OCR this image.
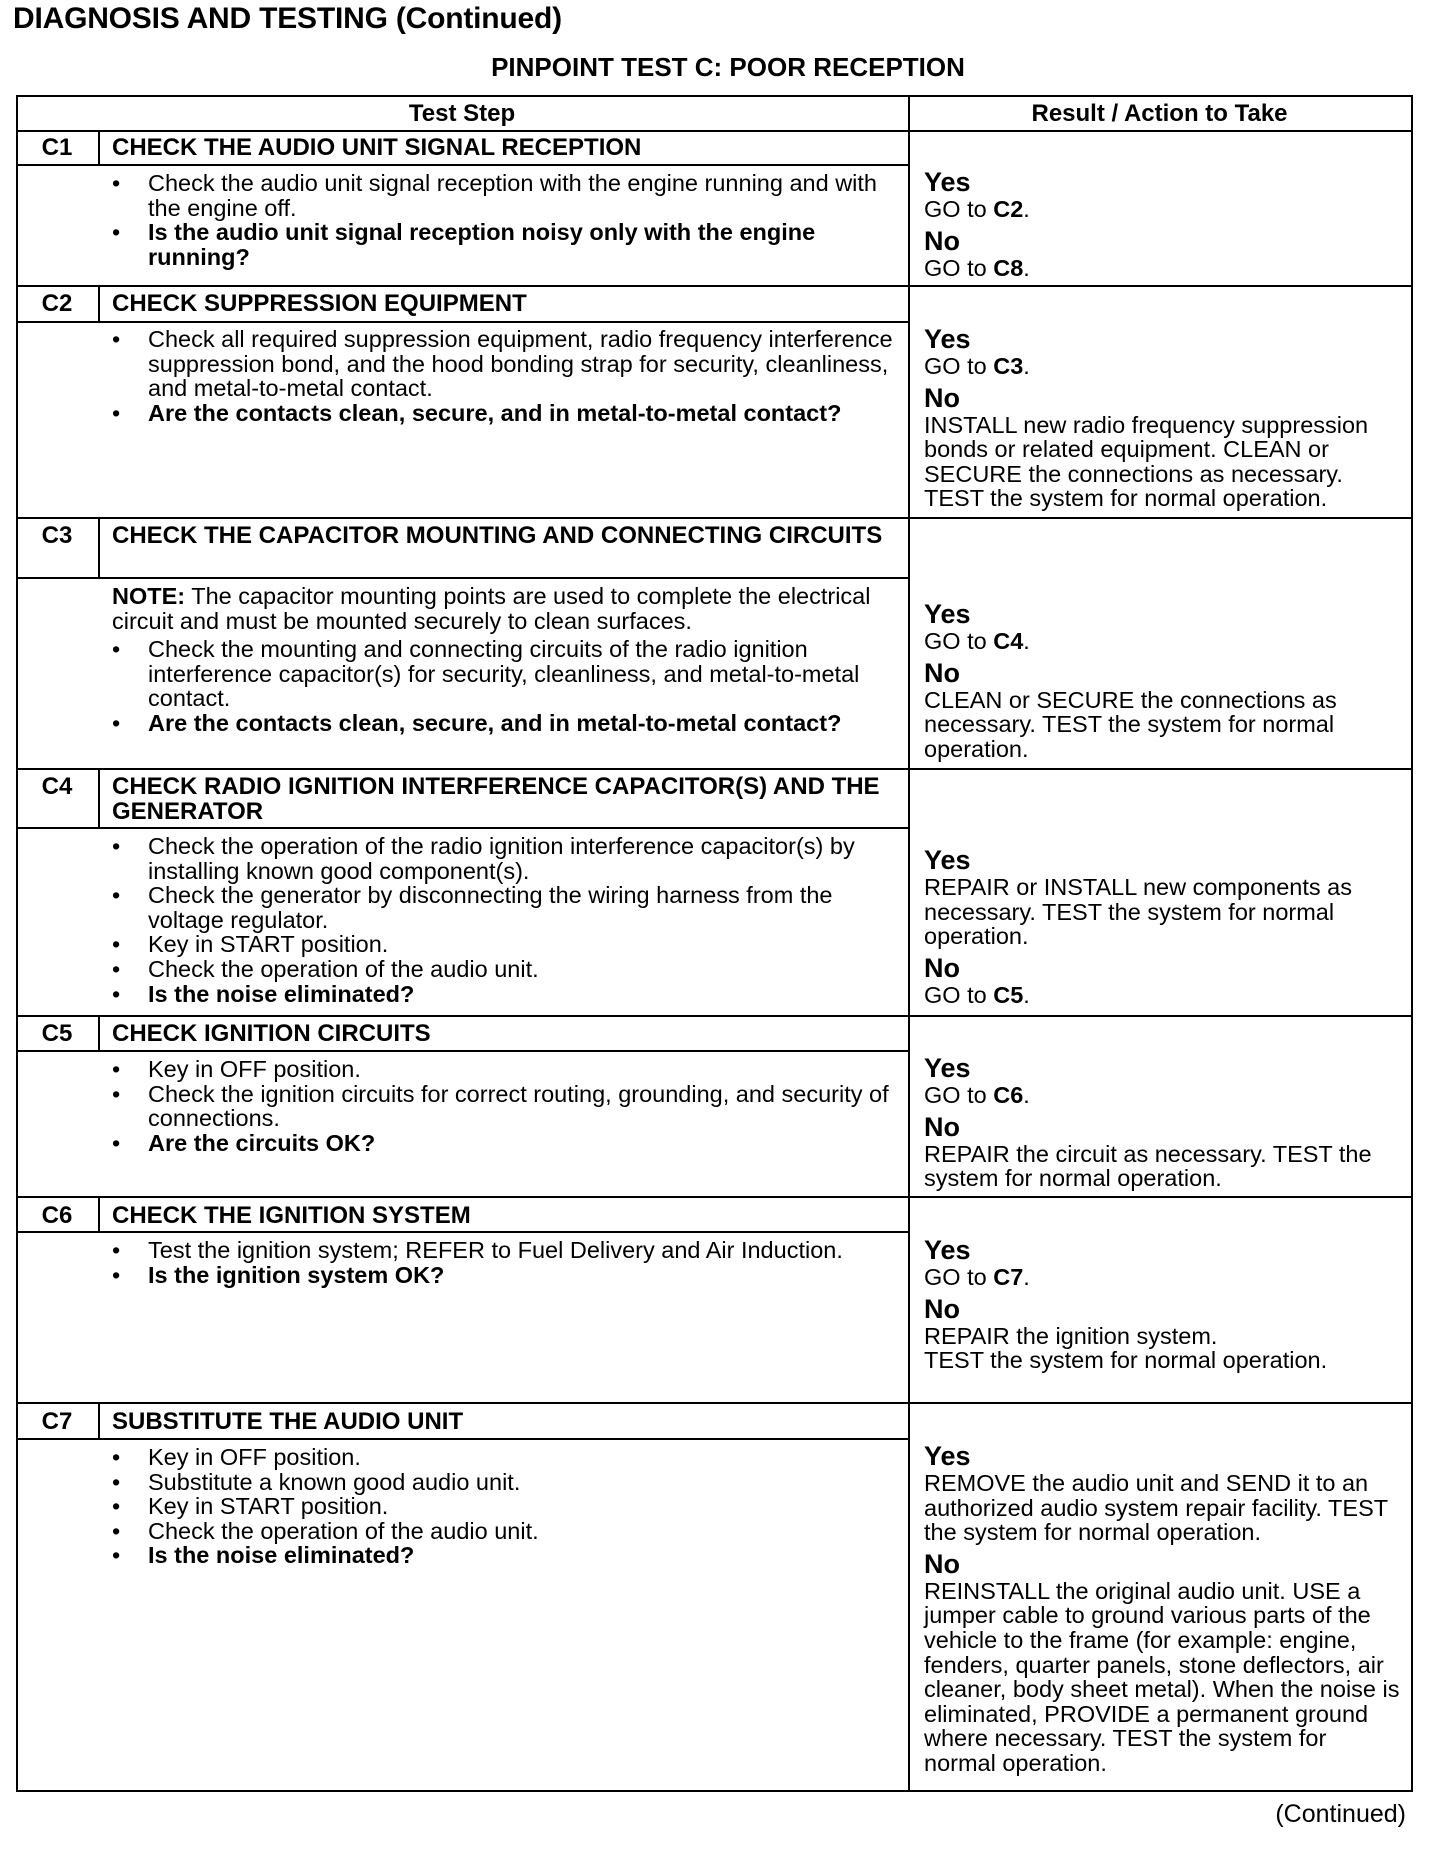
DIAGNOSIS AND TESTING (Continued)
PINPOINT TEST C: POOR RECEPTION
Test Step	Result / Action to Take
C1	CHECK THE AUDIO UNIT SIGNAL RECEPTION
• Check the audio unit signal reception with the engine running and with the engine off.
• Is the audio unit signal reception noisy only with the engine running?
Yes
GO to C2.
No
GO to C8.
C2	CHECK SUPPRESSION EQUIPMENT
• Check all required suppression equipment, radio frequency interference suppression bond, and the hood bonding strap for security, cleanliness, and metal-to-metal contact.
• Are the contacts clean, secure, and in metal-to-metal contact?
Yes
GO to C3.
No
INSTALL new radio frequency suppression bonds or related equipment. CLEAN or SECURE the connections as necessary. TEST the system for normal operation.
C3	CHECK THE CAPACITOR MOUNTING AND CONNECTING CIRCUITS
NOTE: The capacitor mounting points are used to complete the electrical circuit and must be mounted securely to clean surfaces.
• Check the mounting and connecting circuits of the radio ignition interference capacitor(s) for security, cleanliness, and metal-to-metal contact.
• Are the contacts clean, secure, and in metal-to-metal contact?
Yes
GO to C4.
No
CLEAN or SECURE the connections as necessary. TEST the system for normal operation.
C4	CHECK RADIO IGNITION INTERFERENCE CAPACITOR(S) AND THE GENERATOR
• Check the operation of the radio ignition interference capacitor(s) by installing known good component(s).
• Check the generator by disconnecting the wiring harness from the voltage regulator.
• Key in START position.
• Check the operation of the audio unit.
• Is the noise eliminated?
Yes
REPAIR or INSTALL new components as necessary. TEST the system for normal operation.
No
GO to C5.
C5	CHECK IGNITION CIRCUITS
• Key in OFF position.
• Check the ignition circuits for correct routing, grounding, and security of connections.
• Are the circuits OK?
Yes
GO to C6.
No
REPAIR the circuit as necessary. TEST the system for normal operation.
C6	CHECK THE IGNITION SYSTEM
• Test the ignition system; REFER to Fuel Delivery and Air Induction.
• Is the ignition system OK?
Yes
GO to C7.
No
REPAIR the ignition system.
TEST the system for normal operation.
C7	SUBSTITUTE THE AUDIO UNIT
• Key in OFF position.
• Substitute a known good audio unit.
• Key in START position.
• Check the operation of the audio unit.
• Is the noise eliminated?
Yes
REMOVE the audio unit and SEND it to an authorized audio system repair facility. TEST the system for normal operation.
No
REINSTALL the original audio unit. USE a jumper cable to ground various parts of the vehicle to the frame (for example: engine, fenders, quarter panels, stone deflectors, air cleaner, body sheet metal). When the noise is eliminated, PROVIDE a permanent ground where necessary. TEST the system for normal operation.
(Continued)
